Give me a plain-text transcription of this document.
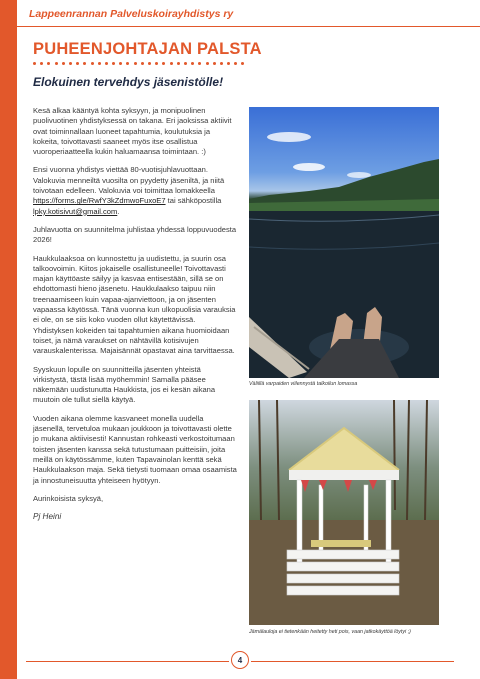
Lappeenrannan Palveluskoirayhdistys ry
PUHEENJOHTAJAN PALSTA
Elokuinen tervehdys jäsenistölle!

Kesä alkaa kääntyä kohta syksyyn, ja monipuolinen puolivuotinen yhdistyksessä on takana. Eri jaoksissa aktiivit ovat toiminnallaan luoneet tapahtumia, koulutuksia ja kokeita, toivottavasti saaneet myös itse osallistua vuoroperiaatteella kukin haluamaansa toimintaan. :)

Ensi vuonna yhdistys viettää 80-vuotisjuhlavuottaan. Valokuvia menneiltä vuosilta on pyydetty jäseniltä, ja niitä toivotaan edelleen. Valokuvia voi toimittaa lomakkeella https://forms.gle/RwfY3kZdmwoFuxoE7 tai sähköpostilla lpky.kotisivut@gmail.com.

Juhlavuotta on suunnitelma juhlistaa yhdessä loppuvuodesta 2026!

Haukkulaaksoa on kunnostettu ja uudistettu, ja suurin osa talkoovoimin. Kiitos jokaiselle osallistuneelle! Toivottavasti majan käyttöaste säilyy ja kasvaa entisestään, sillä se on ehdottomasti hieno jäsenetu. Haukkulaakso taipuu niin treenaamiseen kuin vapaa-ajanviettoon, ja on jäsenten vapaassa käytössä. Tänä vuonna kun ulkopuolisia varauksia ei ole, on se siis koko vuoden ollut käytettävissä. Yhdistyksen kokeiden tai tapahtumien aikana huomioidaan toiset, ja nämä varaukset on nähtävillä kotisivujen varauskalenterissa. Majaisännät opastavat aina tarvittaessa.

Syyskuun lopulle on suunnitteilla jäsenten yhteistä virkistystä, tästä lisää myöhemmin! Samalla pääsee näkemään uudistunutta Haukkista, jos ei kesän aikana muutoin ole tullut siellä käytyä.

Vuoden aikana olemme kasvaneet monella uudella jäsenellä, tervetuloa mukaan joukkoon ja toivottavasti olette jo mukana aktiivisesti! Kannustan rohkeasti verkostoitumaan toisten jäsenten kanssa sekä tutustumaan puitteisiin, joita meillä on käytössämme, kuten Tapavainolan kenttä sekä Haukkulaakson maja. Sekä tietysti tuomaan omaa osaamista ja innostuneisuutta yhteiseen hyötyyn.

Aurinkoisista syksyä,

Pj Heini
Väliillä varpaiden viilennystä talkoilun lomassa
Jämälauloja ei tietenkään heitetty heti pois, vaan jatkokäyttöä löytyi ;)
4
